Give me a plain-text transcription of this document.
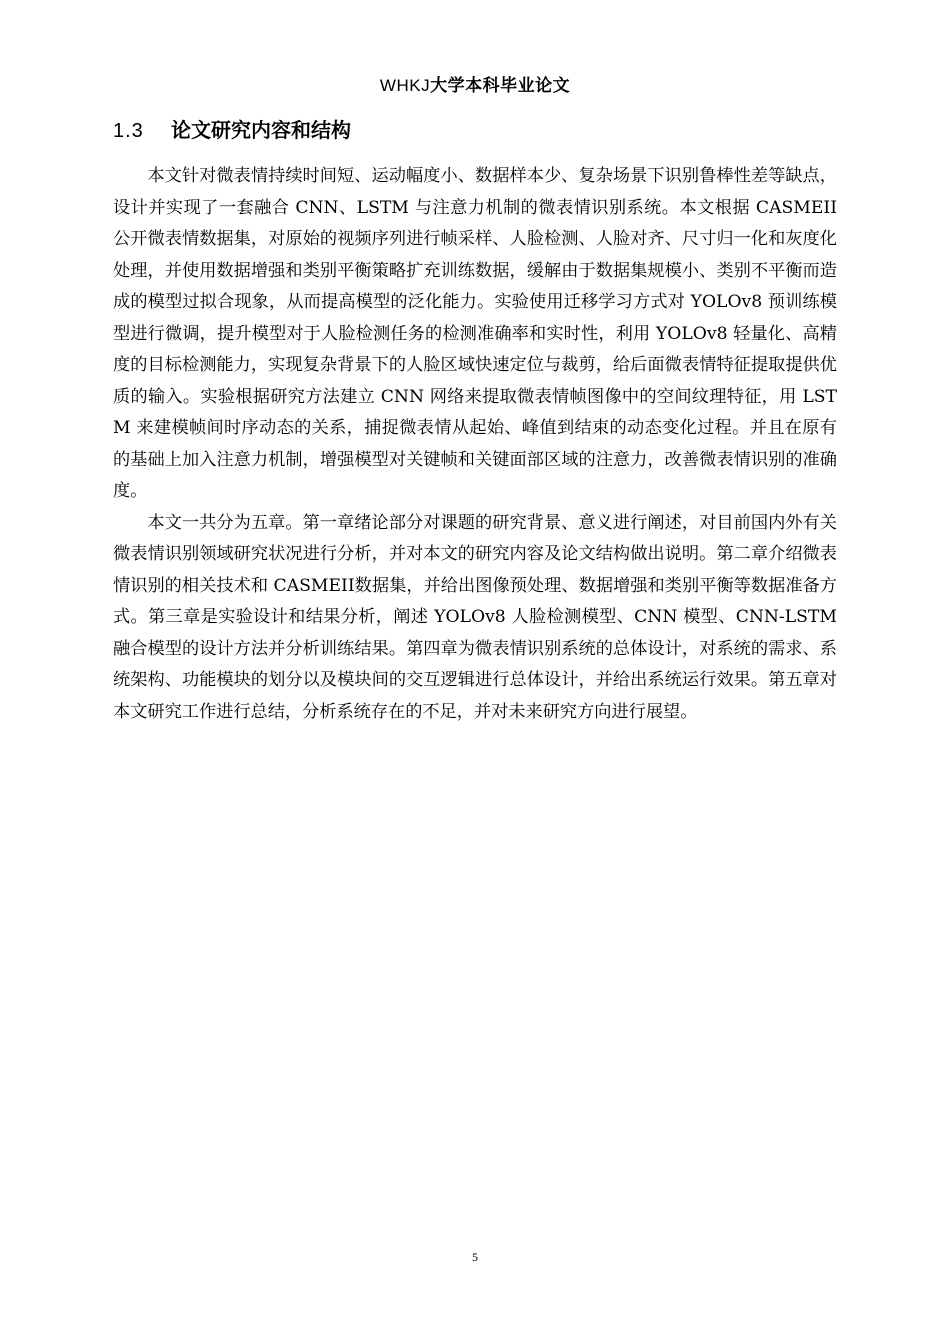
WHKJ大学本科毕业论文
1.3 论文研究内容和结构

本文针对微表情持续时间短、运动幅度小、数据样本少、复杂场景下识别鲁棒性差等缺点，设计并实现了一套融合 CNN、LSTM 与注意力机制的微表情识别系统。本文根据 CASMEII公开微表情数据集，对原始的视频序列进行帧采样、人脸检测、人脸对齐、尺寸归一化和灰度化处理，并使用数据增强和类别平衡策略扩充训练数据，缓解由于数据集规模小、类别不平衡而造成的模型过拟合现象，从而提高模型的泛化能力。实验使用迁移学习方式对 YOLOv8 预训练模型进行微调，提升模型对于人脸检测任务的检测准确率和实时性，利用 YOLOv8 轻量化、高精度的目标检测能力，实现复杂背景下的人脸区域快速定位与裁剪，给后面微表情特征提取提供优质的输入。实验根据研究方法建立 CNN 网络来提取微表情帧图像中的空间纹理特征，用 LSTM 来建模帧间时序动态的关系，捕捉微表情从起始、峰值到结束的动态变化过程。并且在原有的基础上加入注意力机制，增强模型对关键帧和关键面部区域的注意力，改善微表情识别的准确度。

本文一共分为五章。第一章绪论部分对课题的研究背景、意义进行阐述，对目前国内外有关微表情识别领域研究状况进行分析，并对本文的研究内容及论文结构做出说明。第二章介绍微表情识别的相关技术和 CASMEII数据集，并给出图像预处理、数据增强和类别平衡等数据准备方式。第三章是实验设计和结果分析，阐述 YOLOv8 人脸检测模型、CNN 模型、CNN-LSTM 融合模型的设计方法并分析训练结果。第四章为微表情识别系统的总体设计，对系统的需求、系统架构、功能模块的划分以及模块间的交互逻辑进行总体设计，并给出系统运行效果。第五章对本文研究工作进行总结，分析系统存在的不足，并对未来研究方向进行展望。

5
